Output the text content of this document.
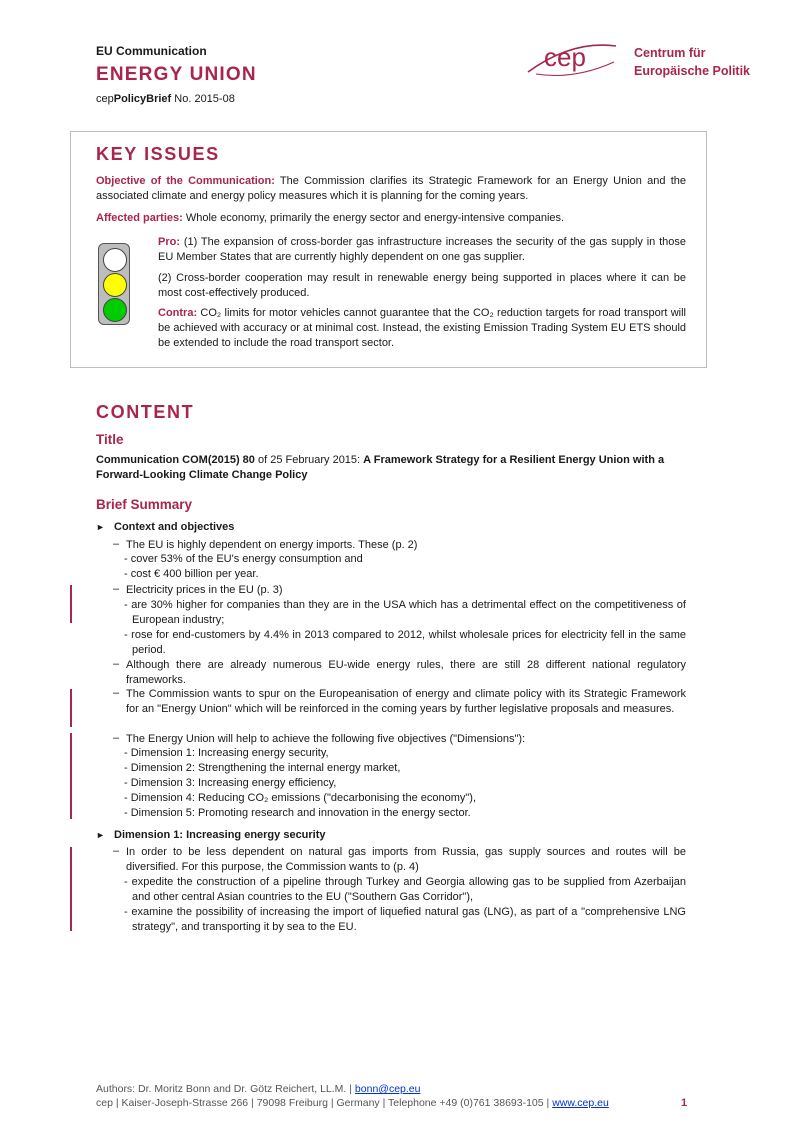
EU Communication
ENERGY UNION
cepPolicyBrief No. 2015-08
cep	Centrum für
Europäische Politik
KEY ISSUES
Objective of the Communication: The Commission clarifies its Strategic Framework for an Energy Union and the associated climate and energy policy measures which it is planning for the coming years.
Affected parties: Whole economy, primarily the energy sector and energy-intensive companies.
Pro: (1) The expansion of cross-border gas infrastructure increases the security of the gas supply in those EU Member States that are currently highly dependent on one gas supplier.
(2) Cross-border cooperation may result in renewable energy being supported in places where it can be most cost-effectively produced.
Contra: CO₂ limits for motor vehicles cannot guarantee that the CO₂ reduction targets for road transport will be achieved with accuracy or at minimal cost. Instead, the existing Emission Trading System EU ETS should be extended to include the road transport sector.
CONTENT
Title
Communication COM(2015) 80 of 25 February 2015: A Framework Strategy for a Resilient Energy Union with a Forward-Looking Climate Change Policy
Brief Summary
► Context and objectives
– The EU is highly dependent on energy imports. These (p. 2)
- cover 53% of the EU's energy consumption and
- cost € 400 billion per year.
– Electricity prices in the EU (p. 3)
- are 30% higher for companies than they are in the USA which has a detrimental effect on the competitiveness of European industry;
- rose for end-customers by 4.4% in 2013 compared to 2012, whilst wholesale prices for electricity fell in the same period.
– Although there are already numerous EU-wide energy rules, there are still 28 different national regulatory frameworks.
– The Commission wants to spur on the Europeanisation of energy and climate policy with its Strategic Framework for an "Energy Union" which will be reinforced in the coming years by further legislative proposals and measures.
– The Energy Union will help to achieve the following five objectives ("Dimensions"):
- Dimension 1: Increasing energy security,
- Dimension 2: Strengthening the internal energy market,
- Dimension 3: Increasing energy efficiency,
- Dimension 4: Reducing CO₂ emissions ("decarbonising the economy"),
- Dimension 5: Promoting research and innovation in the energy sector.
► Dimension 1: Increasing energy security
– In order to be less dependent on natural gas imports from Russia, gas supply sources and routes will be diversified. For this purpose, the Commission wants to (p. 4)
- expedite the construction of a pipeline through Turkey and Georgia allowing gas to be supplied from Azerbaijan and other central Asian countries to the EU ("Southern Gas Corridor"),
- examine the possibility of increasing the import of liquefied natural gas (LNG), as part of a "comprehensive LNG strategy", and transporting it by sea to the EU.
Authors: Dr. Moritz Bonn and Dr. Götz Reichert, LL.M. | bonn@cep.eu
cep | Kaiser-Joseph-Strasse 266 | 79098 Freiburg | Germany | Telephone +49 (0)761 38693-105 | www.cep.eu	1
